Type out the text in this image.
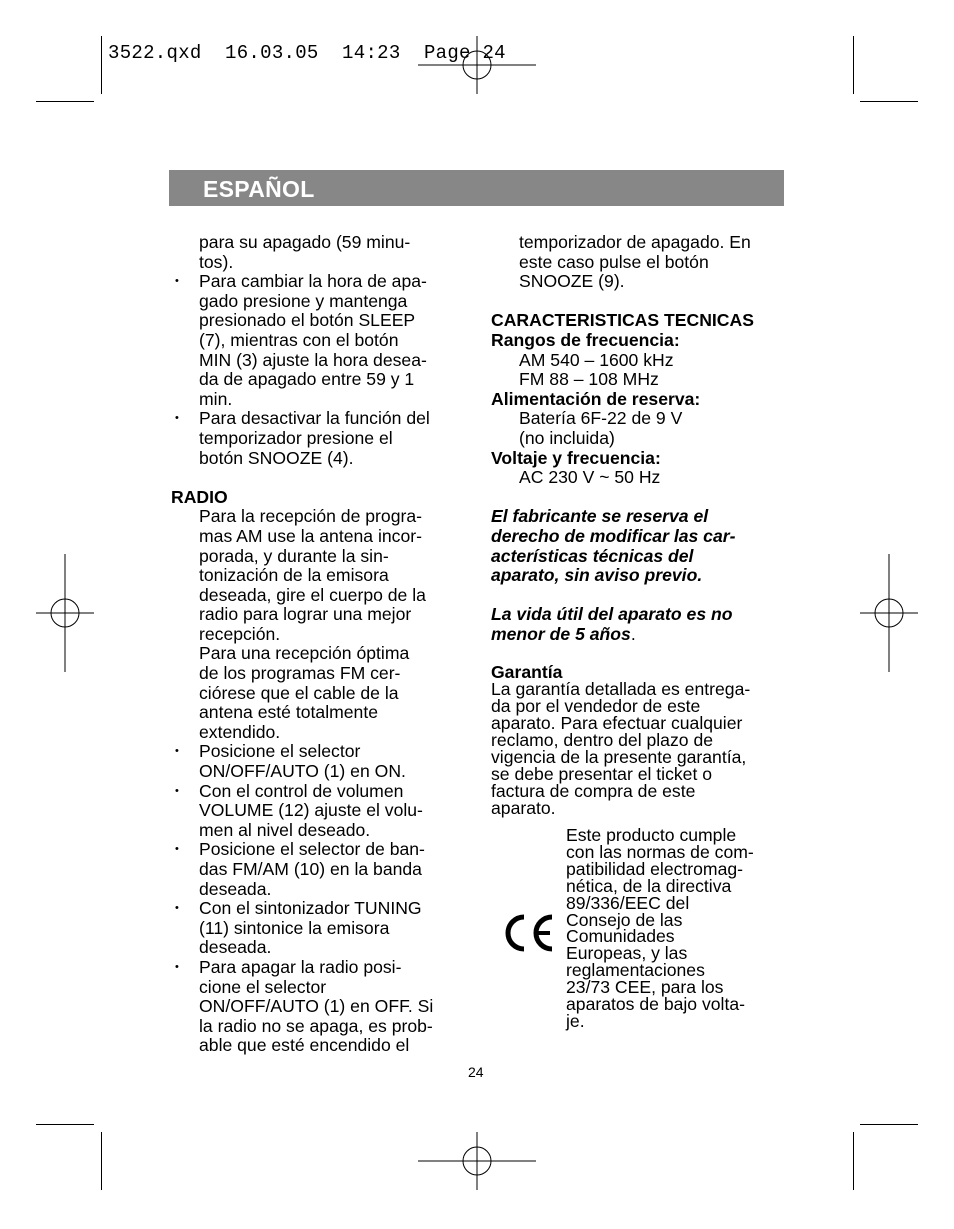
3522.qxd  16.03.05  14:23  Page 24
ESPAÑOL

para su apagado (59 minu-
tos).

• Para cambiar la hora de apa-
gado presione y mantenga
presionado el botón SLEEP
(7), mientras con el botón
MIN (3) ajuste la hora desea-
da de apagado entre 59 y 1
min.

• Para desactivar la función del
temporizador presione el
botón SNOOZE (4).

RADIO

Para la recepción de progra-
mas AM use la antena incor-
porada, y durante la sin-
tonización de la emisora
deseada, gire el cuerpo de la
radio para lograr una mejor
recepción.

Para una recepción óptima
de los programas FM cer-
ciórese que el cable de la
antena esté totalmente
extendido.

• Posicione el selector
ON/OFF/AUTO (1) en ON.

• Con el control de volumen
VOLUME (12) ajuste el volu-
men al nivel deseado.

• Posicione el selector de ban-
das FM/AM (10) en la banda
deseada.

• Con el sintonizador TUNING
(11) sintonice la emisora
deseada.

• Para apagar la radio posi-
cione el selector
ON/OFF/AUTO (1) en OFF. Si
la radio no se apaga, es prob-
able que esté encendido el

temporizador de apagado. En
este caso pulse el botón
SNOOZE (9).

CARACTERISTICAS TECNICAS

Rangos de frecuencia:

AM 540 – 1600 kHz

FM 88 – 108 MHz

Alimentación de reserva:

Batería 6F-22 de 9 V

(no incluida)

Voltaje y frecuencia:

AC 230 V ~ 50 Hz

El fabricante se reserva el
derecho de modificar las car-
acterísticas técnicas del
aparato, sin aviso previo.

La vida útil del aparato es no
menor de 5 años.

Garantía

La garantía detallada es entrega-
da por el vendedor de este
aparato. Para efectuar cualquier
reclamo, dentro del plazo de
vigencia de la presente garantía,
se debe presentar el ticket o
factura de compra de este
aparato.

Este producto cumple
con las normas de com-
patibilidad electromag-
nética, de la directiva
89/336/EEC del
Consejo de las
Comunidades
Europeas, y las
reglamentaciones
23/73 CEE, para los
aparatos de bajo volta-
je.
24
